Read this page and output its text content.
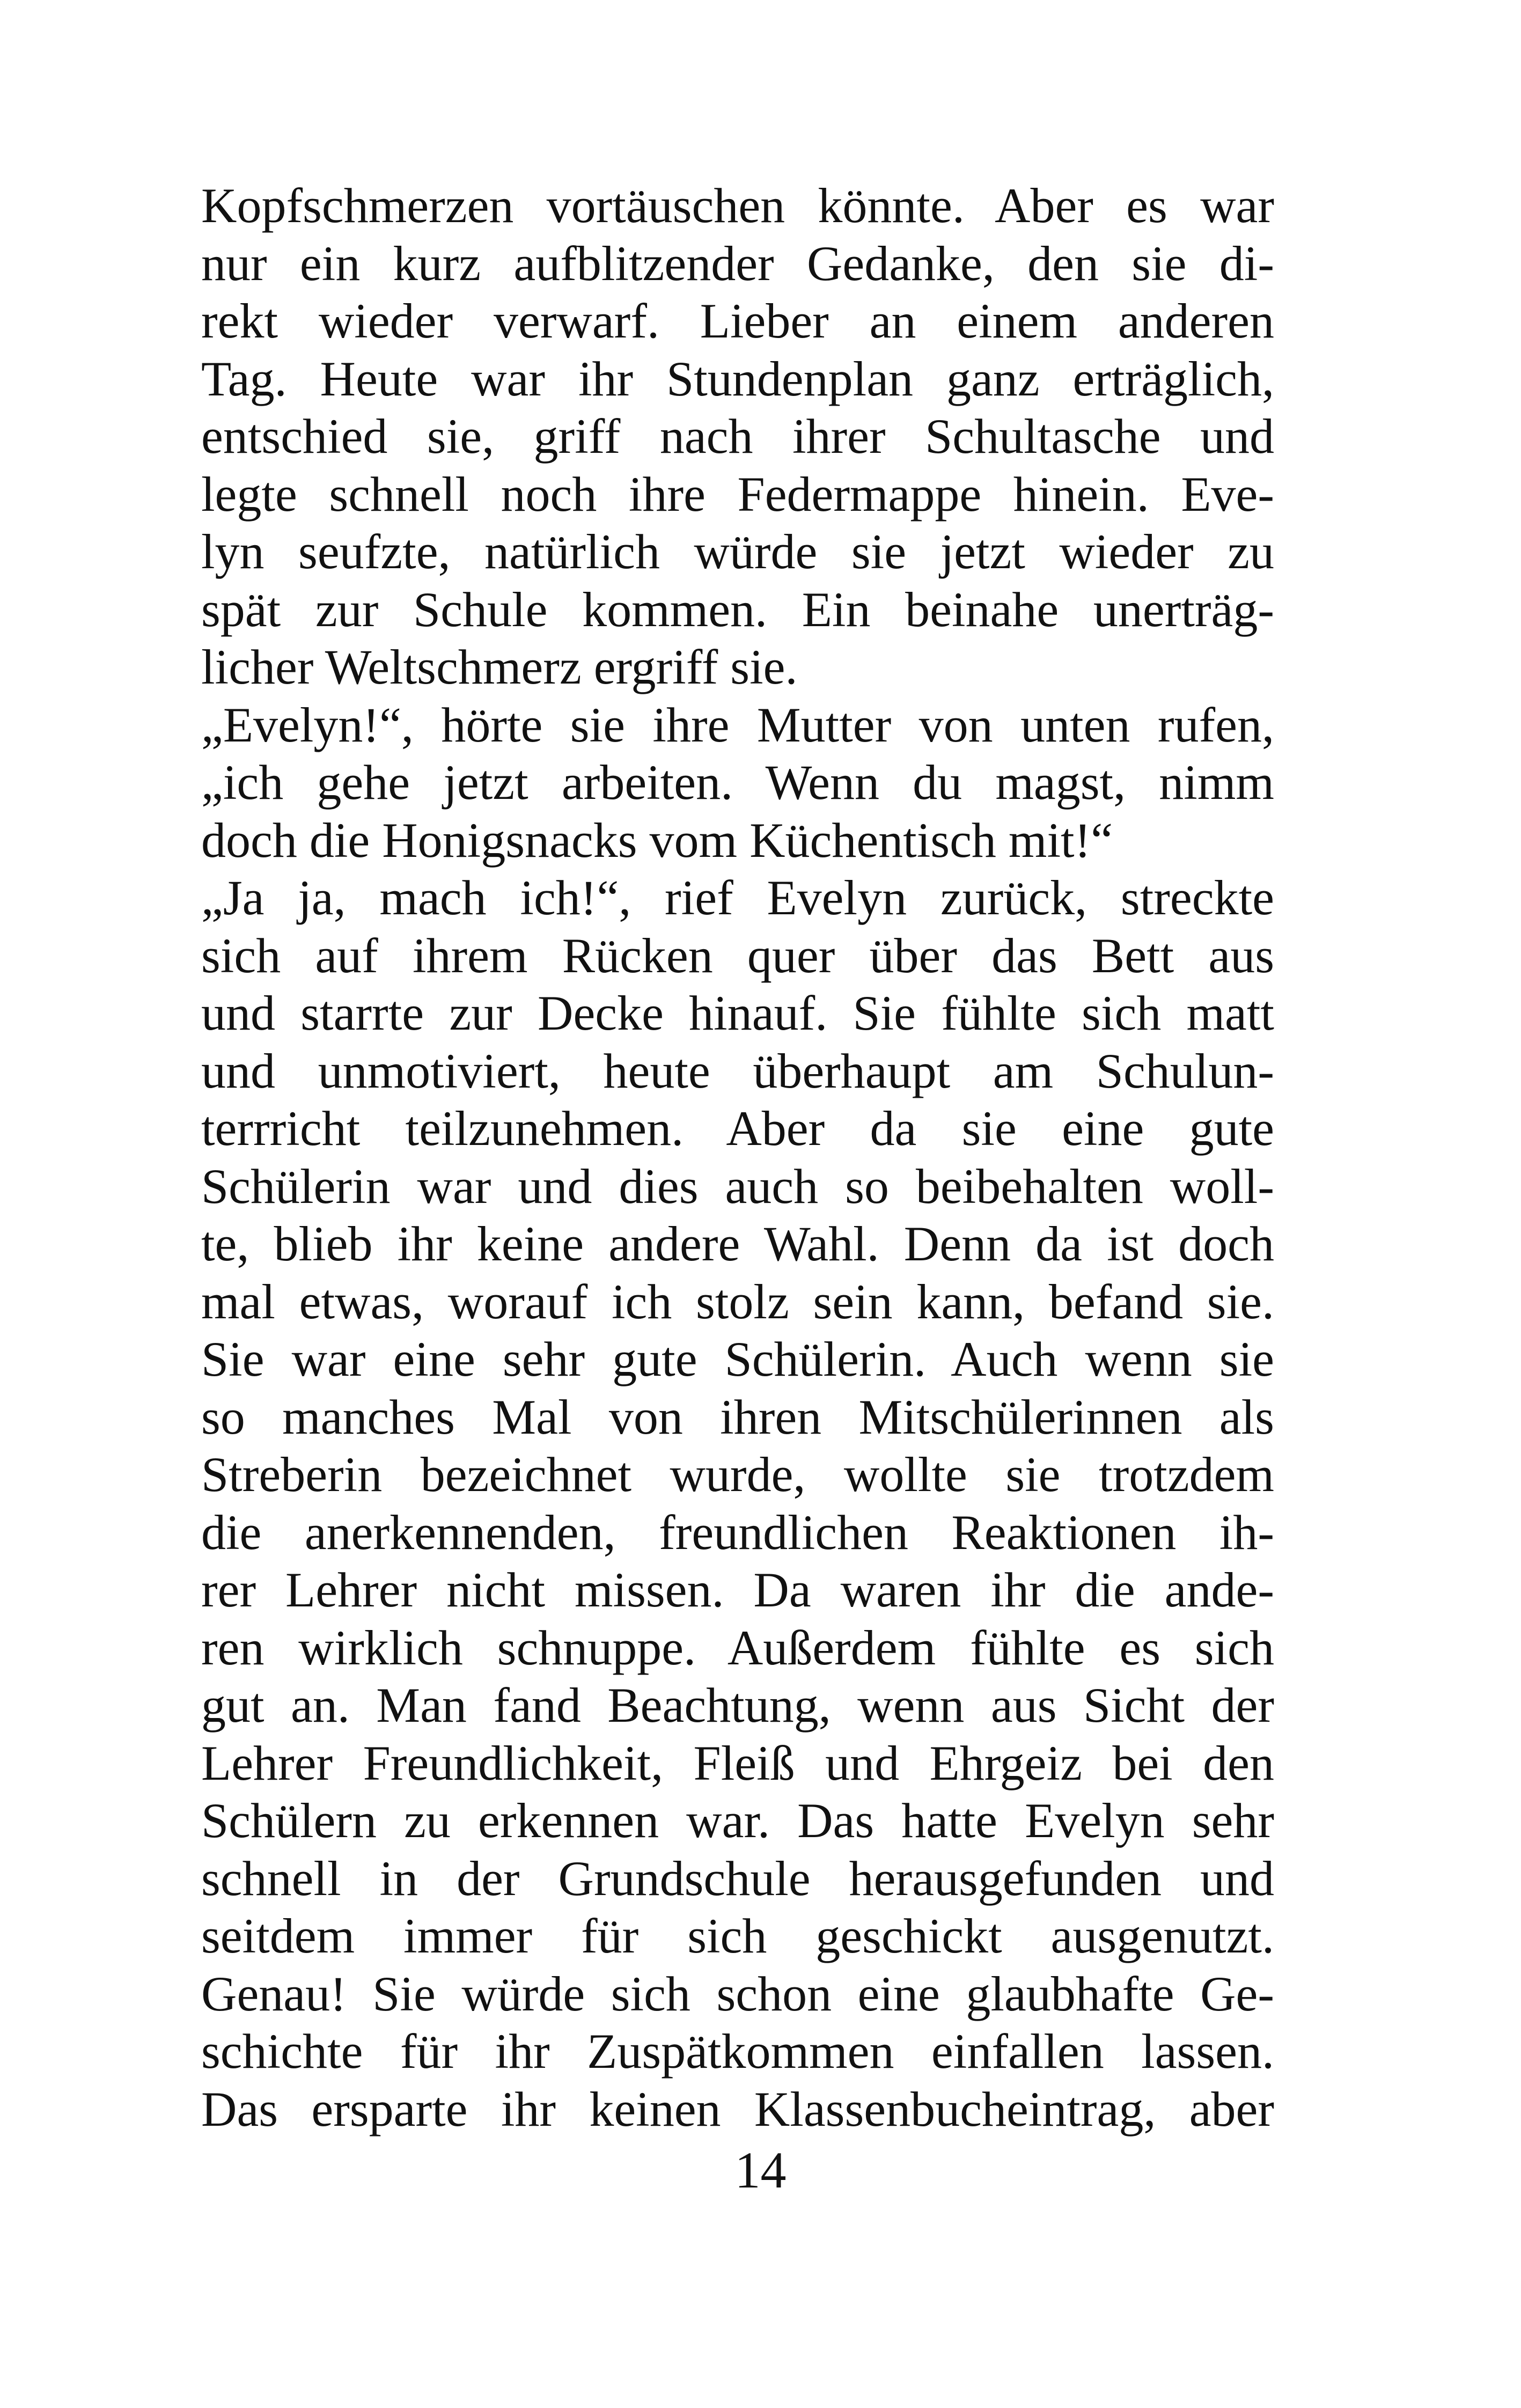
Kopfschmerzen vortäuschen könnte. Aber es war
nur ein kurz aufblitzender Gedanke, den sie di-
rekt wieder verwarf. Lieber an einem anderen
Tag. Heute war ihr Stundenplan ganz erträglich,
entschied sie, griff nach ihrer Schultasche und
legte schnell noch ihre Federmappe hinein. Eve-
lyn seufzte, natürlich würde sie jetzt wieder zu
spät zur Schule kommen. Ein beinahe unerträg-
licher Weltschmerz ergriff sie.
„Evelyn!“, hörte sie ihre Mutter von unten rufen,
„ich gehe jetzt arbeiten. Wenn du magst, nimm
doch die Honigsnacks vom Küchentisch mit!“
„Ja ja, mach ich!“, rief Evelyn zurück, streckte
sich auf ihrem Rücken quer über das Bett aus
und starrte zur Decke hinauf. Sie fühlte sich matt
und unmotiviert, heute überhaupt am Schulun-
terrricht teilzunehmen. Aber da sie eine gute
Schülerin war und dies auch so beibehalten woll-
te, blieb ihr keine andere Wahl. Denn da ist doch
mal etwas, worauf ich stolz sein kann, befand sie.
Sie war eine sehr gute Schülerin. Auch wenn sie
so manches Mal von ihren Mitschülerinnen als
Streberin bezeichnet wurde, wollte sie trotzdem
die anerkennenden, freundlichen Reaktionen ih-
rer Lehrer nicht missen. Da waren ihr die ande-
ren wirklich schnuppe. Außerdem fühlte es sich
gut an. Man fand Beachtung, wenn aus Sicht der
Lehrer Freundlichkeit, Fleiß und Ehrgeiz bei den
Schülern zu erkennen war. Das hatte Evelyn sehr
schnell in der Grundschule herausgefunden und
seitdem immer für sich geschickt ausgenutzt.
Genau! Sie würde sich schon eine glaubhafte Ge-
schichte für ihr Zuspätkommen einfallen lassen.
Das ersparte ihr keinen Klassenbucheintrag, aber
14
